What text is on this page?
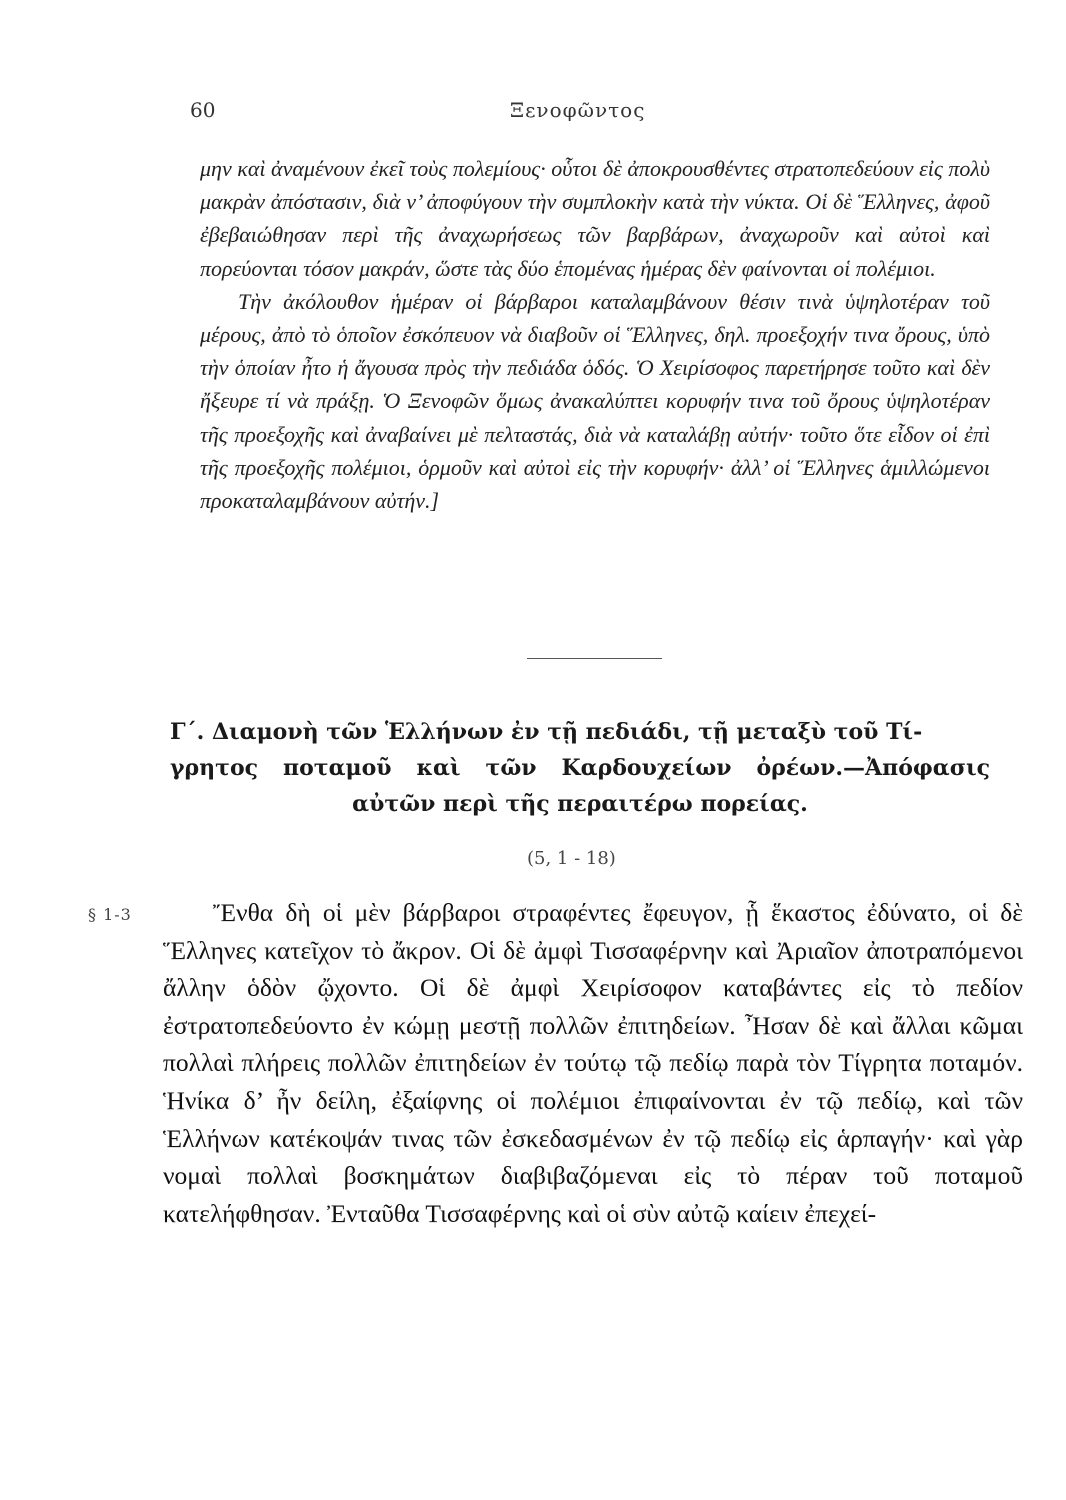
60	Ξενοφῶντος

μην καὶ ἀναμένουν ἐκεῖ τοὺς πολεμίους· οὗτοι δὲ ἀποκρουσθέντες στρατοπεδεύουν εἰς πολὺ μακρὰν ἀπόστασιν, διὰ ν’ ἀποφύγουν τὴν συμπλοκὴν κατὰ τὴν νύκτα. Οἱ δὲ Ἕλληνες, ἀφοῦ ἐβεβαιώθησαν περὶ τῆς ἀναχωρήσεως τῶν βαρβάρων, ἀναχωροῦν καὶ αὐτοὶ καὶ πορεύονται τόσον μακράν, ὥστε τὰς δύο ἑπομένας ἡμέρας δὲν φαίνονται οἱ πολέμιοι.

Τὴν ἀκόλουθον ἡμέραν οἱ βάρβαροι καταλαμβάνουν θέσιν τινὰ ὑψηλοτέραν τοῦ μέρους, ἀπὸ τὸ ὁποῖον ἐσκόπευον νὰ διαβοῦν οἱ Ἕλληνες, δηλ. προεξοχήν τινα ὄρους, ὑπὸ τὴν ὁποίαν ἦτο ἡ ἄγουσα πρὸς τὴν πεδιάδα ὁδός. Ὁ Χειρίσοφος παρετήρησε τοῦτο καὶ δὲν ἤξευρε τί νὰ πράξῃ. Ὁ Ξενοφῶν ὅμως ἀνακαλύπτει κορυφήν τινα τοῦ ὄρους ὑψηλοτέραν τῆς προεξοχῆς καὶ ἀναβαίνει μὲ πελταστάς, διὰ νὰ καταλάβῃ αὐτήν· τοῦτο ὅτε εἶδον οἱ ἐπὶ τῆς προεξοχῆς πολέμιοι, ὁρμοῦν καὶ αὐτοὶ εἰς τὴν κορυφήν· ἀλλ’ οἱ Ἕλληνες ἁμιλλώμενοι προκαταλαμβάνουν αὐτήν.]

Γ΄. Διαμονὴ τῶν Ἑλλήνων ἐν τῇ πεδιάδι, τῇ μεταξὺ τοῦ Τί-
γρητος ποταμοῦ καὶ τῶν Καρδουχείων ὀρέων.—Ἀπόφασις
αὐτῶν περὶ τῆς περαιτέρω πορείας.
(5, 1 - 18)
§ 1-3	Ἔνθα δὴ οἱ μὲν βάρβαροι στραφέντες ἔφευγον, ᾗ ἕκαστος ἐδύνατο, οἱ δὲ Ἕλληνες κατεῖχον τὸ ἄκρον. Οἱ δὲ ἀμφὶ Τισσαφέρνην καὶ Ἀριαῖον ἀποτραπόμενοι ἄλλην ὁδὸν ᾤχοντο. Οἱ δὲ ἀμφὶ Χειρίσοφον καταβάντες εἰς τὸ πεδίον ἐστρατοπεδεύοντο ἐν κώμῃ μεστῇ πολλῶν ἐπιτηδείων. Ἦσαν δὲ καὶ ἄλλαι κῶμαι πολλαὶ πλήρεις πολλῶν ἐπιτηδείων ἐν τούτῳ τῷ πεδίῳ παρὰ τὸν Τίγρητα ποταμόν. Ἡνίκα δ’ ἦν δείλη, ἐξαίφνης οἱ πολέμιοι ἐπιφαίνονται ἐν τῷ πεδίῳ, καὶ τῶν Ἑλλήνων κατέκοψάν τινας τῶν ἐσκεδασμένων ἐν τῷ πεδίῳ εἰς ἁρπαγήν· καὶ γὰρ νομαὶ πολλαὶ βοσκημάτων διαβιβαζόμεναι εἰς τὸ πέραν τοῦ ποταμοῦ κατελήφθησαν. Ἐνταῦθα Τισσαφέρνης καὶ οἱ σὺν αὐτῷ καίειν ἐπεχεί-
